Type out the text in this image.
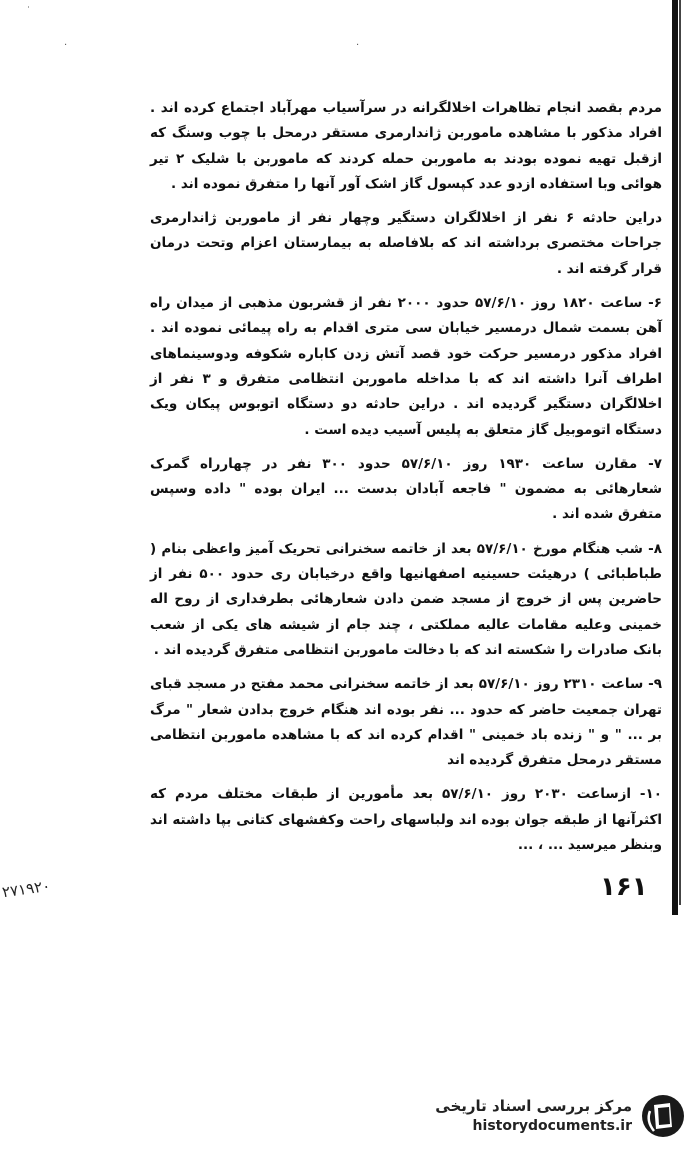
˙
·	·

مردم بقصد انجام تظاهرات اخلالگرانه در سرآسیاب مهرآباد اجتماع کرده اند . افراد مذکور با مشاهده ماموربن ژاندارمری مستقر درمحل با چوب وسنگ که ازقبل تهیه نموده بودند به ماموربن حمله کردند که ماموربن با شلیک ۲ تیر هوائی وبا استفاده ازدو عدد کپسول گاز اشک آور آنها را متفرق نموده اند .

دراین حادثه ۶ نفر از اخلالگران دستگیر وچهار نفر از ماموربن ژاندارمری جراحات مختصری برداشته اند که بلافاصله به بیمارستان اعزام وتحت درمان قرار گرفته اند .

۶- ساعت ۱۸۲۰ روز ۵۷/۶/۱۰ حدود ۲۰۰۰ نفر از قشربون مذهبی از میدان راه آهن بسمت شمال درمسیر خیابان سی متری اقدام به راه پیمائی نموده اند . افراد مذکور درمسیر حرکت خود قصد آتش زدن کاباره شکوفه ودوسینماهای اطراف آنرا داشته اند که با مداخله ماموربن انتظامی متفرق و ۳ نفر از اخلالگران دستگیر گردیده اند . دراین حادثه دو دستگاه اتوبوس پیکان ویک دستگاه اتوموبیل گاز متعلق به پلیس آسیب دیده است .

۷- مقارن ساعت ۱۹۳۰ روز ۵۷/۶/۱۰ حدود ۳۰۰ نفر در چهارراه گمرک شعارهائی به مضمون " فاجعه آبادان بدست ... ایران بوده " داده وسپس متفرق شده اند .

۸- شب هنگام مورخ ۵۷/۶/۱۰ بعد از خاتمه سخنرانی تحریک آمیز واعظی بنام ( طباطبائی ) درهیئت حسینیه اصفهانیها واقع درخیابان ری حدود ۵۰۰ نفر از حاضرین پس از خروج از مسجد ضمن دادن شعارهائی بطرفداری از روح اله خمینی وعلیه مقامات عالیه مملکتی ، چند جام از شیشه های یکی از شعب بانک صادرات را شکسته اند که با دخالت ماموربن انتظامی متفرق گردیده اند .

۹- ساعت ۲۳۱۰ روز ۵۷/۶/۱۰ بعد از خاتمه سخنرانی محمد مفتح در مسجد قبای تهران جمعیت حاضر که حدود ... نفر بوده اند هنگام خروج بدادن شعار " مرگ بر ... " و " زنده باد خمینی " اقدام کرده اند که با مشاهده ماموربن انتظامی مستقر درمحل متفرق گردیده اند

۱۰- ازساعت ۲۰۳۰ روز ۵۷/۶/۱۰ بعد مأمورین از طبقات مختلف مردم که اکثرآنها از طبقه جوان بوده اند ولباسهای راحت وکفشهای کتانی بپا داشته اند وبنظر میرسید ... ، ...

۱۶۱
۲۷۱۹۲۰
مرکز بررسی اسناد تاریخی
historydocuments.ir
